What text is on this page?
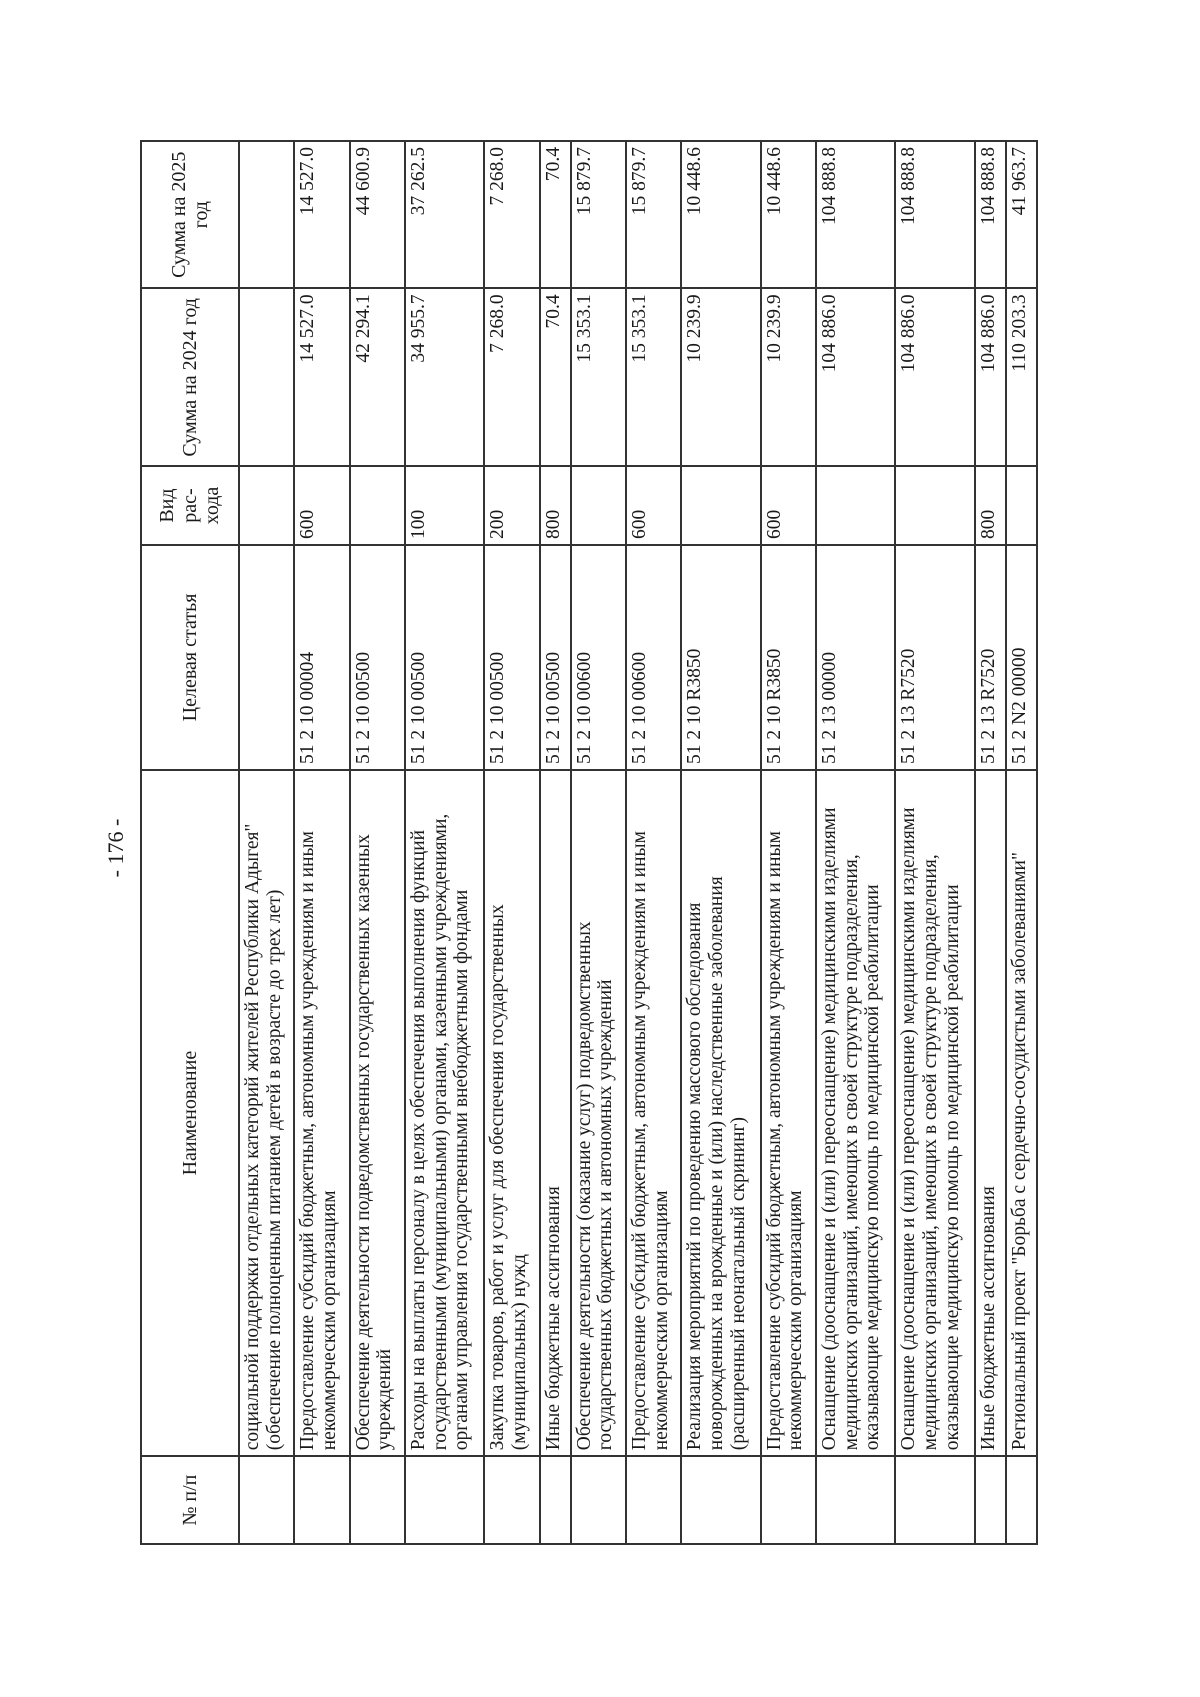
- 176 -
№ п/п	Наименование	Целевая статья	Вид рас-хода	Сумма на 2024 год	Сумма на 2025 год
	социальной поддержки отдельных категорий жителей Республики Адыгея" (обеспечение полноценным питанием детей в возрасте до трех лет)				
	Предоставление субсидий бюджетным, автономным учреждениям и иным некоммерческим организациям	51 2 10 00004	600	14 527.0	14 527.0
	Обеспечение деятельности подведомственных государственных казенных учреждений	51 2 10 00500		42 294.1	44 600.9
	Расходы на выплаты персоналу в целях обеспечения выполнения функций государственными (муниципальными) органами, казенными учреждениями, органами управления государственными внебюджетными фондами	51 2 10 00500	100	34 955.7	37 262.5
	Закупка товаров, работ и услуг для обеспечения государственных (муниципальных) нужд	51 2 10 00500	200	7 268.0	7 268.0
	Иные бюджетные ассигнования	51 2 10 00500	800	70.4	70.4
	Обеспечение деятельности (оказание услуг) подведомственных государственных бюджетных и автономных учреждений	51 2 10 00600		15 353.1	15 879.7
	Предоставление субсидий бюджетным, автономным учреждениям и иным некоммерческим организациям	51 2 10 00600	600	15 353.1	15 879.7
	Реализация мероприятий по проведению массового обследования новорожденных на врожденные и (или) наследственные заболевания (расширенный неонатальный скрининг)	51 2 10 R3850		10 239.9	10 448.6
	Предоставление субсидий бюджетным, автономным учреждениям и иным некоммерческим организациям	51 2 10 R3850	600	10 239.9	10 448.6
	Оснащение (дооснащение и (или) переоснащение) медицинскими изделиями медицинских организаций, имеющих в своей структуре подразделения, оказывающие медицинскую помощь по медицинской реабилитации	51 2 13 00000		104 886.0	104 888.8
	Оснащение (дооснащение и (или) переоснащение) медицинскими изделиями медицинских организаций, имеющих в своей структуре подразделения, оказывающие медицинскую помощь по медицинской реабилитации	51 2 13 R7520		104 886.0	104 888.8
	Иные бюджетные ассигнования	51 2 13 R7520	800	104 886.0	104 888.8
	Региональный проект "Борьба с сердечно-сосудистыми заболеваниями"	51 2 N2 00000		110 203.3	41 963.7
